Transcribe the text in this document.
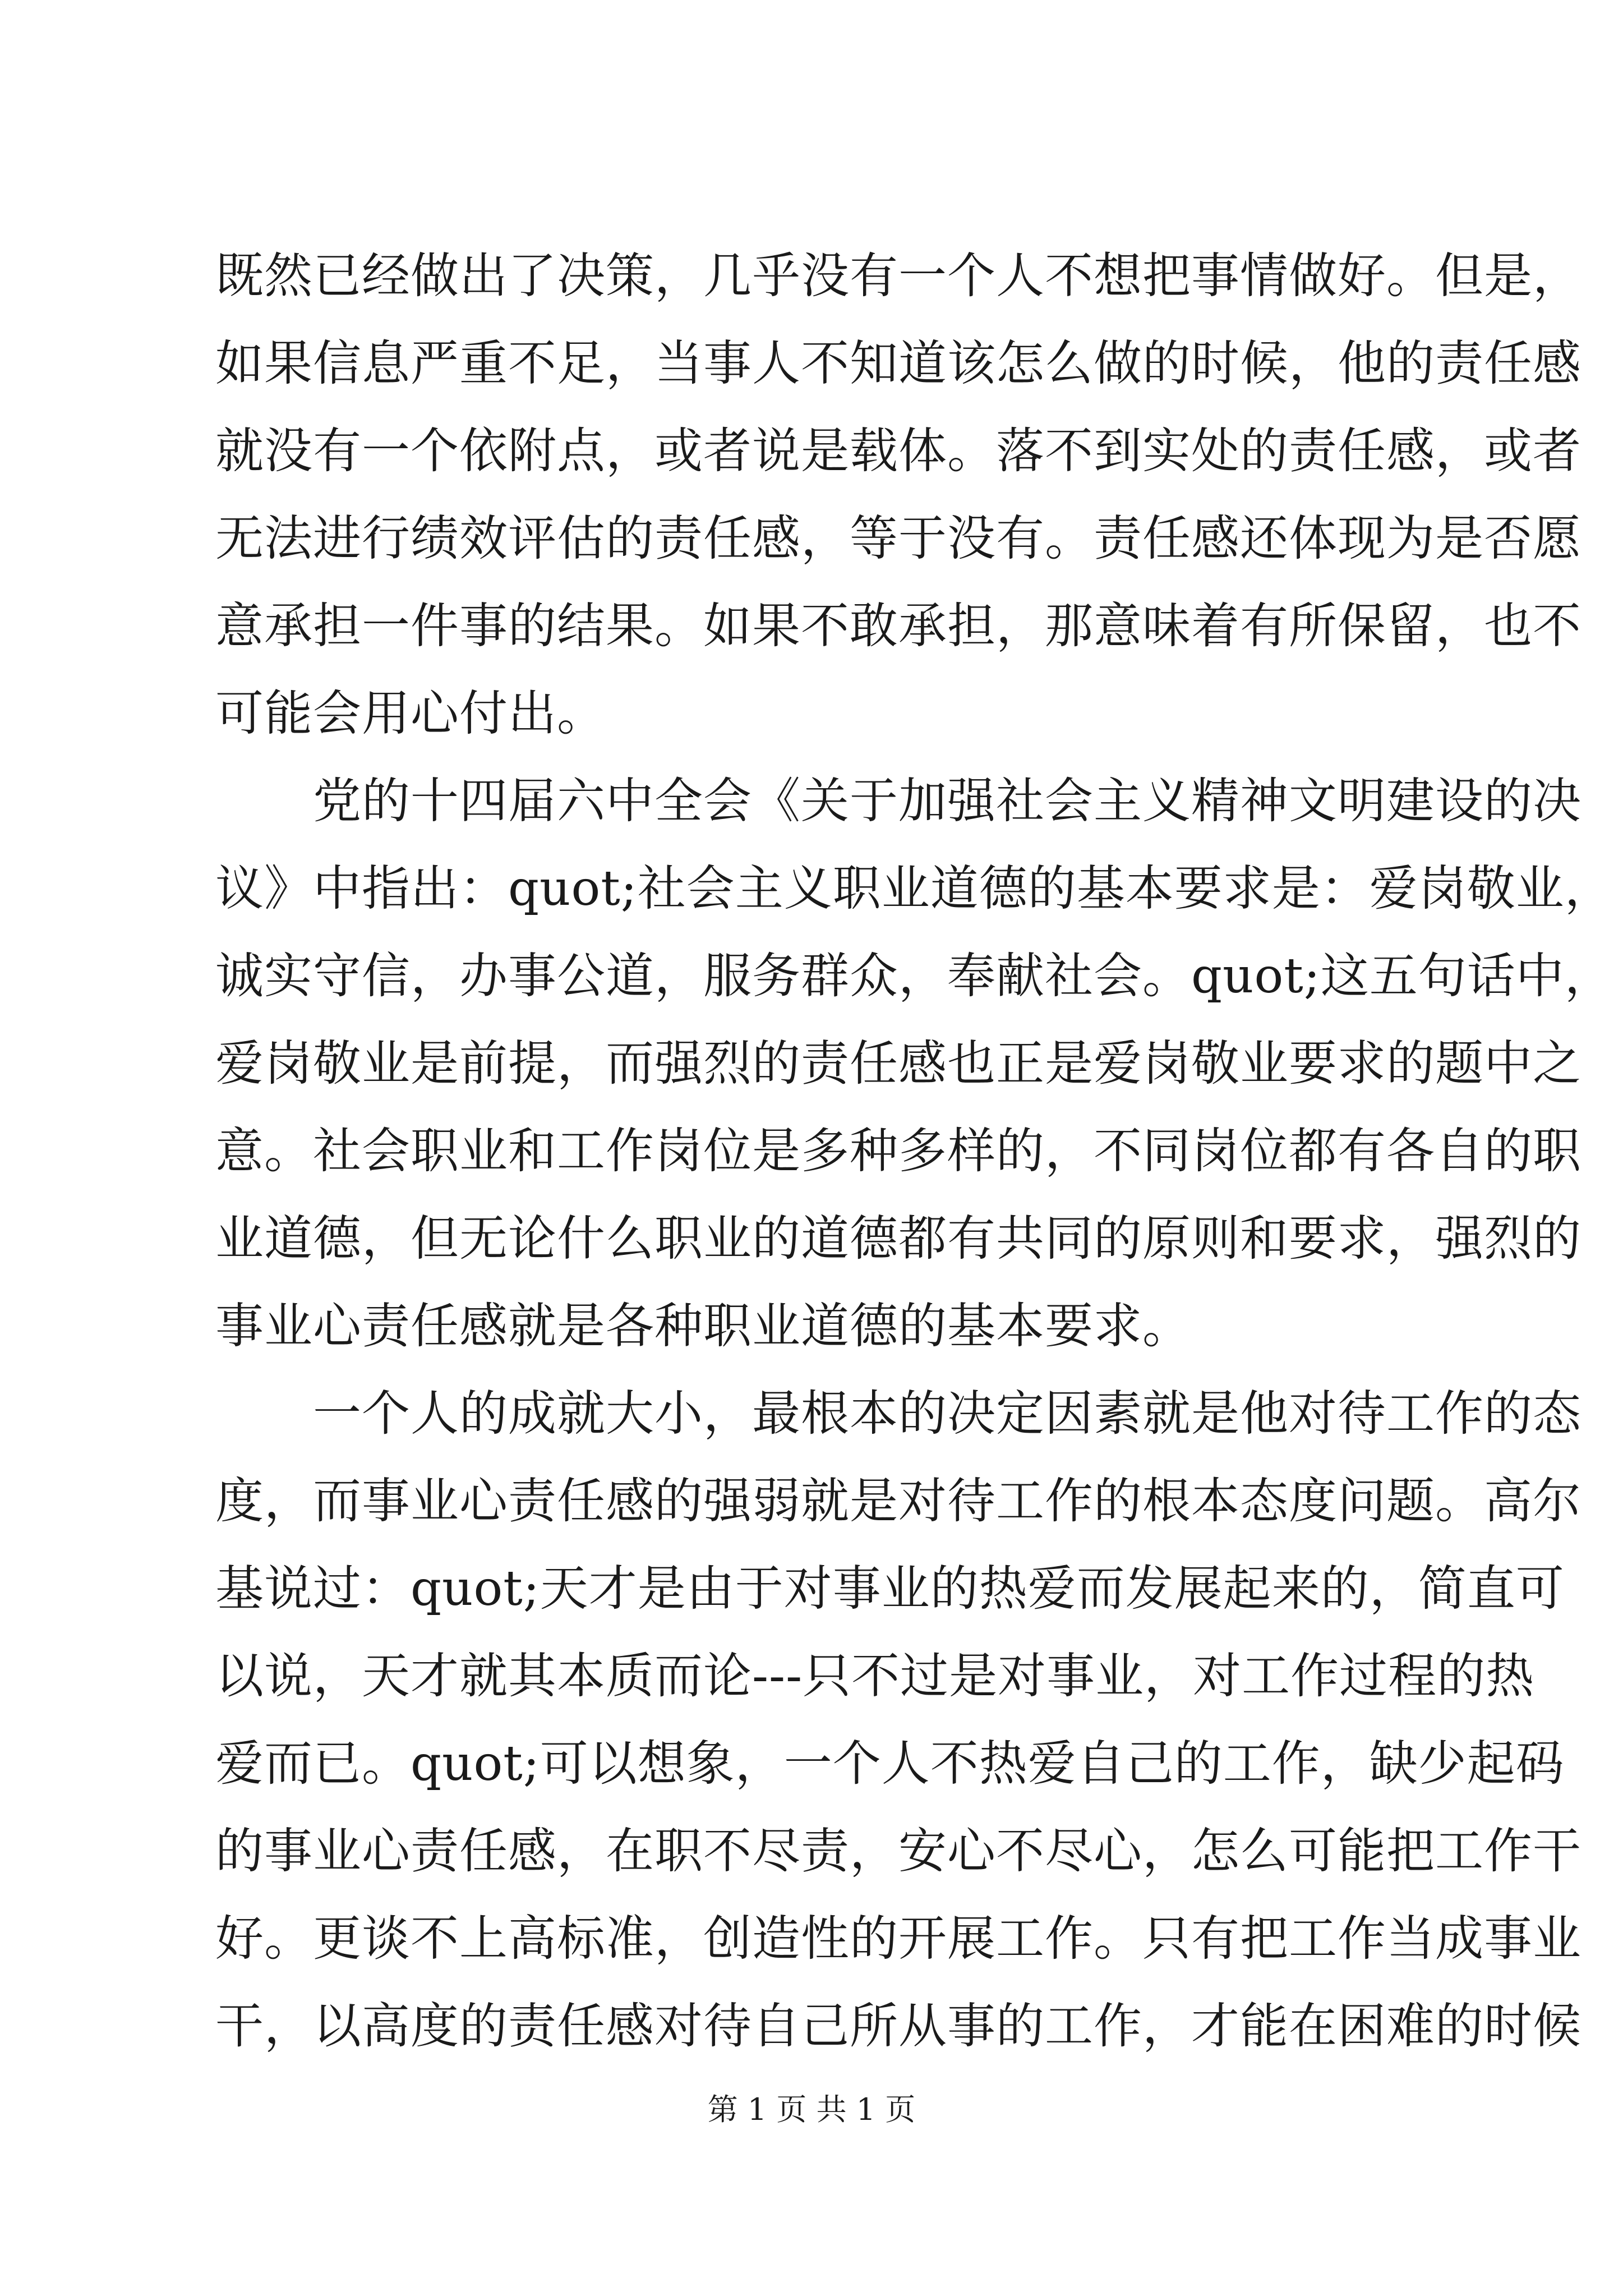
既然已经做出了决策，几乎没有一个人不想把事情做好。但是，
如果信息严重不足，当事人不知道该怎么做的时候，他的责任感
就没有一个依附点，或者说是载体。落不到实处的责任感，或者
无法进行绩效评估的责任感，等于没有。责任感还体现为是否愿
意承担一件事的结果。如果不敢承担，那意味着有所保留，也不
可能会用心付出。
　　党的十四届六中全会《关于加强社会主义精神文明建设的决
议》中指出：quot;社会主义职业道德的基本要求是：爱岗敬业，
诚实守信，办事公道，服务群众，奉献社会。quot;这五句话中，
爱岗敬业是前提，而强烈的责任感也正是爱岗敬业要求的题中之
意。社会职业和工作岗位是多种多样的，不同岗位都有各自的职
业道德，但无论什么职业的道德都有共同的原则和要求，强烈的
事业心责任感就是各种职业道德的基本要求。
　　一个人的成就大小，最根本的决定因素就是他对待工作的态
度，而事业心责任感的强弱就是对待工作的根本态度问题。高尔
基说过：quot;天才是由于对事业的热爱而发展起来的，简直可
以说，天才就其本质而论---只不过是对事业，对工作过程的热
爱而已。quot;可以想象，一个人不热爱自己的工作，缺少起码
的事业心责任感，在职不尽责，安心不尽心，怎么可能把工作干
好。更谈不上高标准，创造性的开展工作。只有把工作当成事业
干，以高度的责任感对待自己所从事的工作，才能在困难的时候
第 1 页 共 1 页
